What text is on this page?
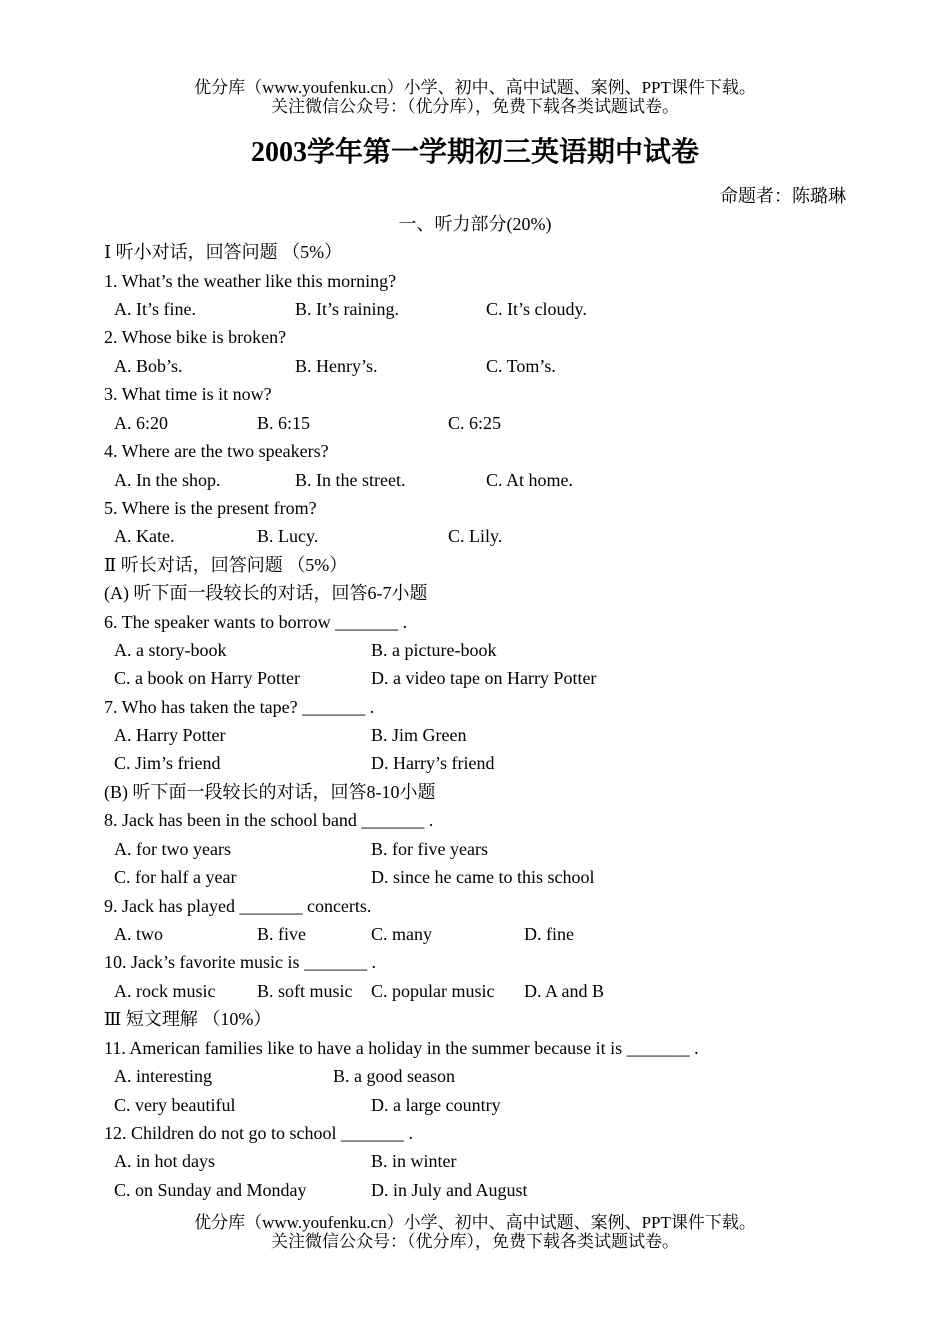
优分库（www.youfenku.cn）小学、初中、高中试题、案例、PPT课件下载。
关注微信公众号：（优分库），免费下载各类试题试卷。
2003学年第一学期初三英语期中试卷
命题者：陈璐琳
一、听力部分(20%)
Ⅰ 听小对话，回答问题 （5%）
1. What’s the weather like this morning?
A. It’s fine.	B. It’s raining.	C. It’s cloudy.
2. Whose bike is broken?
A. Bob’s.	B. Henry’s.	C. Tom’s.
3. What time is it now?
A. 6:20	B. 6:15	C. 6:25
4. Where are the two speakers?
A. In the shop.	B. In the street.	C. At home.
5. Where is the present from?
A. Kate.	B. Lucy.	C. Lily.
Ⅱ 听长对话，回答问题 （5%）
(A) 听下面一段较长的对话，回答6-7小题
6. The speaker wants to borrow _______ .
A. a story-book	B. a picture-book
C. a book on Harry Potter	D. a video tape on Harry Potter
7. Who has taken the tape? _______ .
A. Harry Potter	B. Jim Green
C. Jim’s friend	D. Harry’s friend
(B) 听下面一段较长的对话，回答8-10小题
8. Jack has been in the school band _______ .
A. for two years	B. for five years
C. for half a year	D. since he came to this school
9. Jack has played _______ concerts.
A. two	B. five	C. many	D. fine
10. Jack’s favorite music is _______ .
A. rock music B. soft music C. popular music D. A and B
Ⅲ 短文理解 （10%）
11. American families like to have a holiday in the summer because it is _______ .
A. interesting	B. a good season
C. very beautiful	D. a large country
12. Children do not go to school _______ .
A. in hot days	B. in winter
C. on Sunday and Monday	D. in July and August
优分库（www.youfenku.cn）小学、初中、高中试题、案例、PPT课件下载。
关注微信公众号：（优分库），免费下载各类试题试卷。
